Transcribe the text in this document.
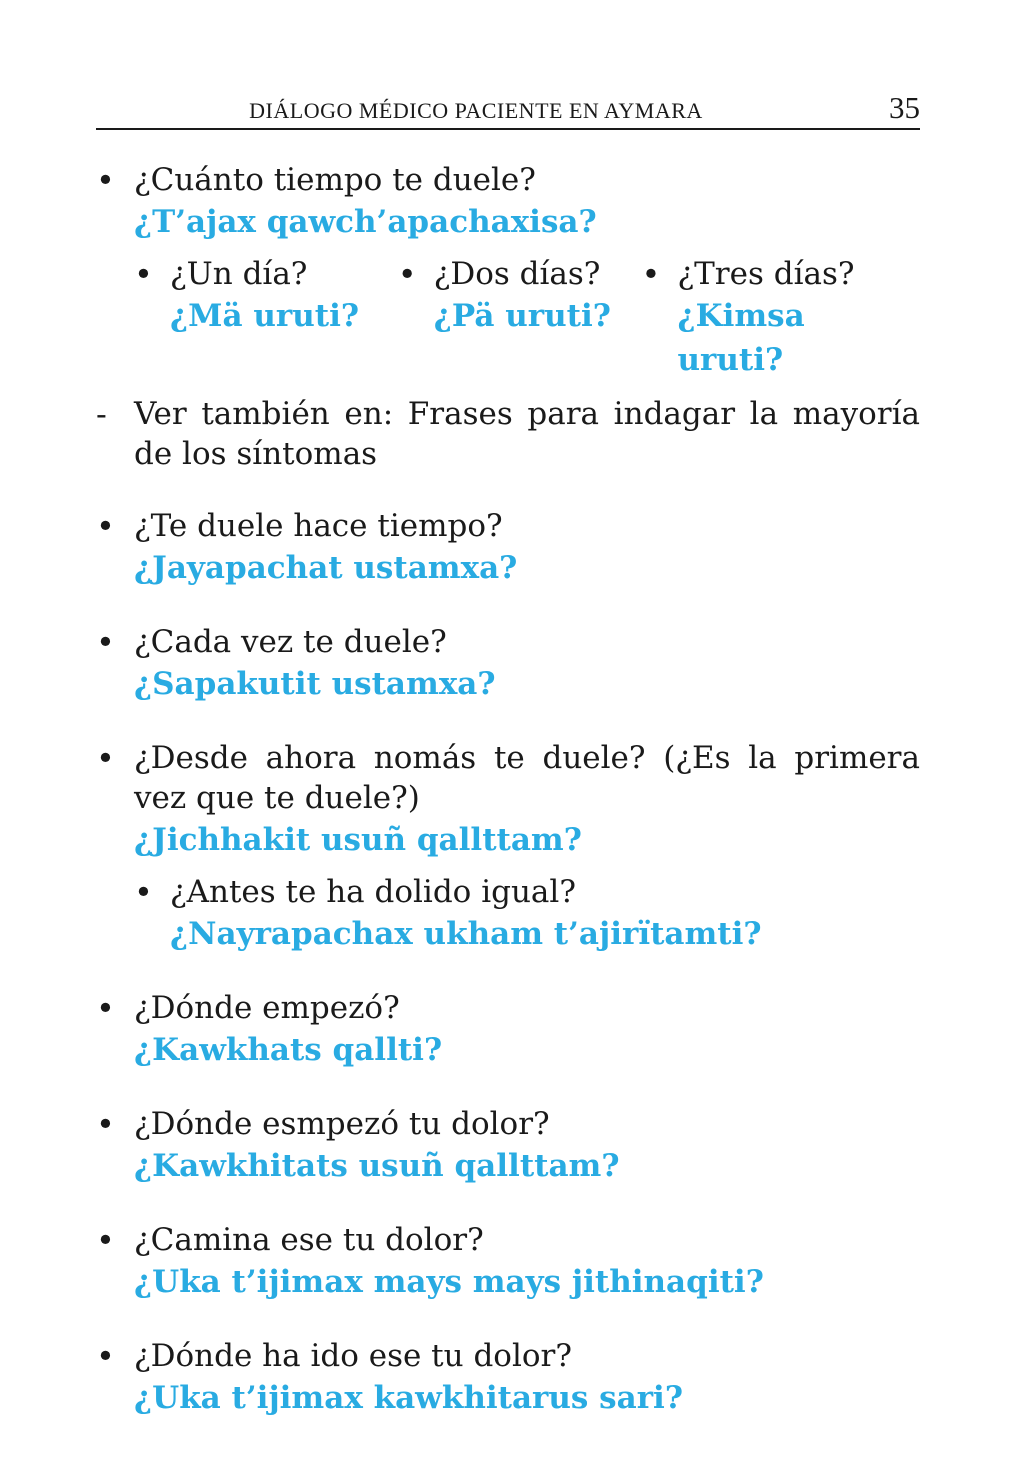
DIÁLOGO MÉDICO PACIENTE EN AYMARA	35
• ¿Cuánto tiempo te duele?
¿T’ajax qawch’apachaxisa?
• ¿Un día?
¿Mä uruti?
• ¿Dos días?
¿Pä uruti?
• ¿Tres días?
¿Kimsa uruti?
- Ver también en: Frases para indagar la mayoría
de los síntomas
• ¿Te duele hace tiempo?
¿Jayapachat ustamxa?
• ¿Cada vez te duele?
¿Sapakutit ustamxa?
• ¿Desde ahora nomás te duele? (¿Es la primera
vez que te duele?)
¿Jichhakit usuñ qallttam?
• ¿Antes te ha dolido igual?
¿Nayrapachax ukham t’ajirïtamti?
• ¿Dónde empezó?
¿Kawkhats qallti?
• ¿Dónde esmpezó tu dolor?
¿Kawkhitats usuñ qallttam?
• ¿Camina ese tu dolor?
¿Uka t’ijimax mays mays jithinaqiti?
• ¿Dónde ha ido ese tu dolor?
¿Uka t’ijimax kawkhitarus sari?
